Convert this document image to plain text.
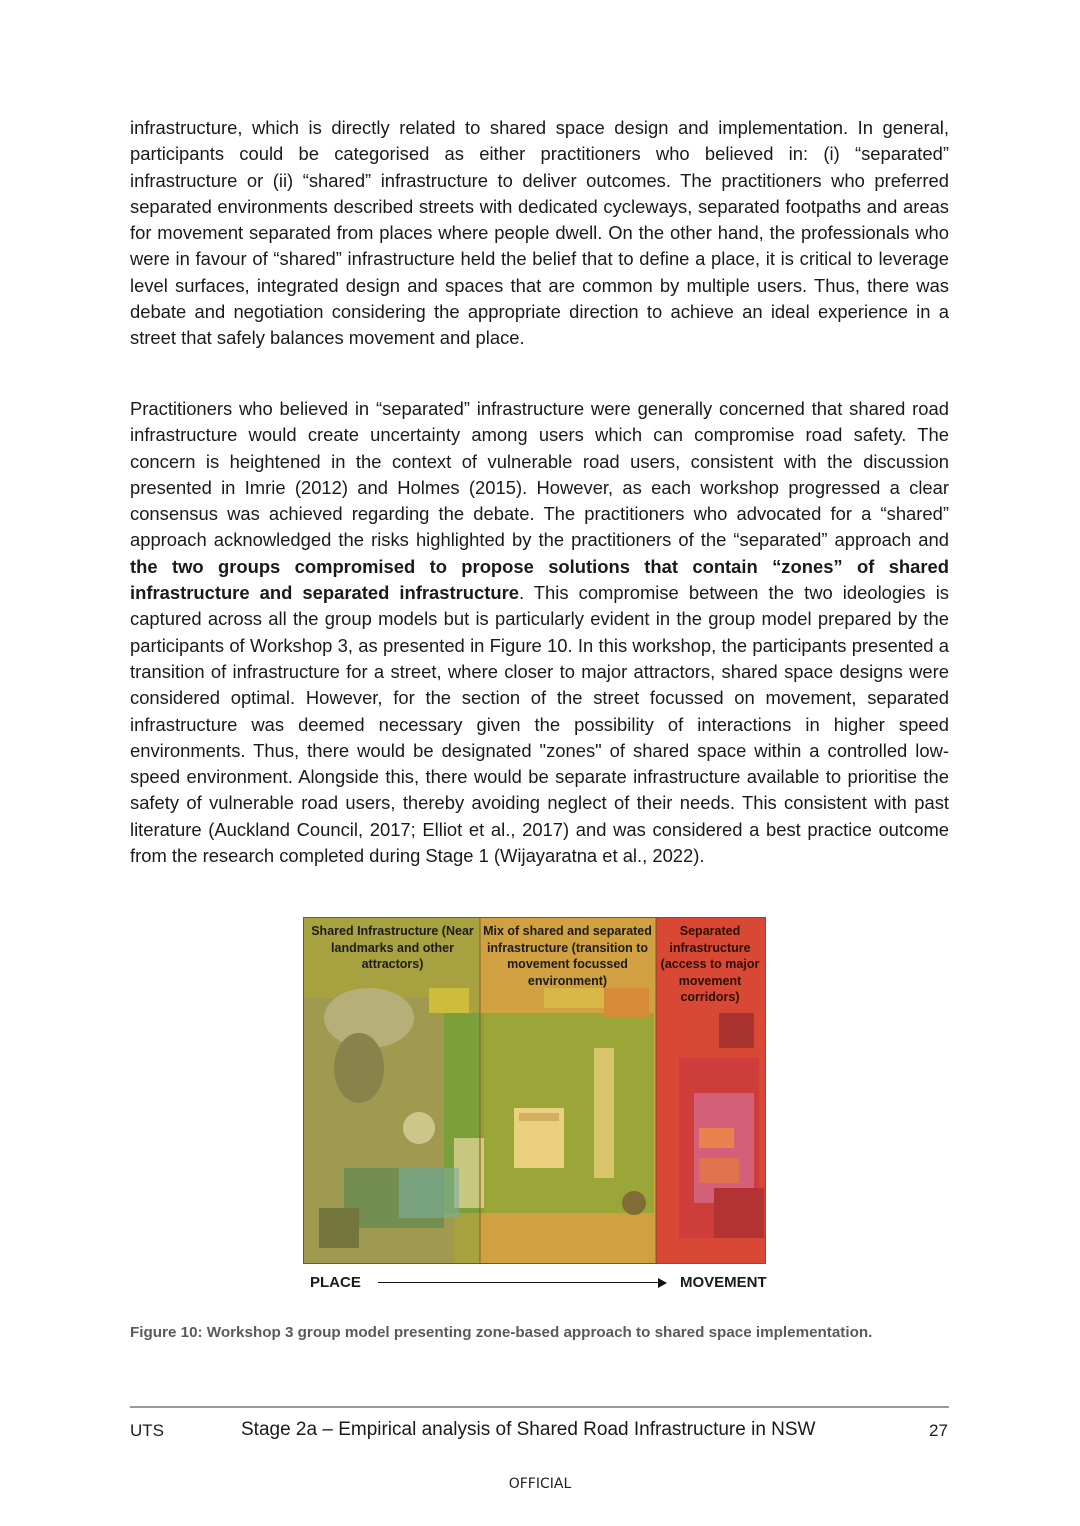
infrastructure, which is directly related to shared space design and implementation. In general, participants could be categorised as either practitioners who believed in: (i) “separated” infrastructure or (ii) “shared” infrastructure to deliver outcomes. The practitioners who preferred separated environments described streets with dedicated cycleways, separated footpaths and areas for movement separated from places where people dwell. On the other hand, the professionals who were in favour of “shared” infrastructure held the belief that to define a place, it is critical to leverage level surfaces, integrated design and spaces that are common by multiple users. Thus, there was debate and negotiation considering the appropriate direction to achieve an ideal experience in a street that safely balances movement and place.

Practitioners who believed in “separated” infrastructure were generally concerned that shared road infrastructure would create uncertainty among users which can compromise road safety. The concern is heightened in the context of vulnerable road users, consistent with the discussion presented in Imrie (2012) and Holmes (2015). However, as each workshop progressed a clear consensus was achieved regarding the debate. The practitioners who advocated for a “shared” approach acknowledged the risks highlighted by the practitioners of the “separated” approach and the two groups compromised to propose solutions that contain “zones” of shared infrastructure and separated infrastructure. This compromise between the two ideologies is captured across all the group models but is particularly evident in the group model prepared by the participants of Workshop 3, as presented in Figure 10. In this workshop, the participants presented a transition of infrastructure for a street, where closer to major attractors, shared space designs were considered optimal. However, for the section of the street focussed on movement, separated infrastructure was deemed necessary given the possibility of interactions in higher speed environments. Thus, there would be designated "zones" of shared space within a controlled low-speed environment. Alongside this, there would be separate infrastructure available to prioritise the safety of vulnerable road users, thereby avoiding neglect of their needs. This consistent with past literature (Auckland Council, 2017; Elliot et al., 2017) and was considered a best practice outcome from the research completed during Stage 1 (Wijayaratna et al., 2022).

Shared Infrastructure (Near landmarks and other attractors)
Mix of shared and separated infrastructure (transition to movement focussed environment)
Separated infrastructure (access to major movement corridors)
PLACE	MOVEMENT
Figure 10: Workshop 3 group model presenting zone-based approach to shared space implementation.
UTS	Stage 2a – Empirical analysis of Shared Road Infrastructure in NSW	27
OFFICIAL
